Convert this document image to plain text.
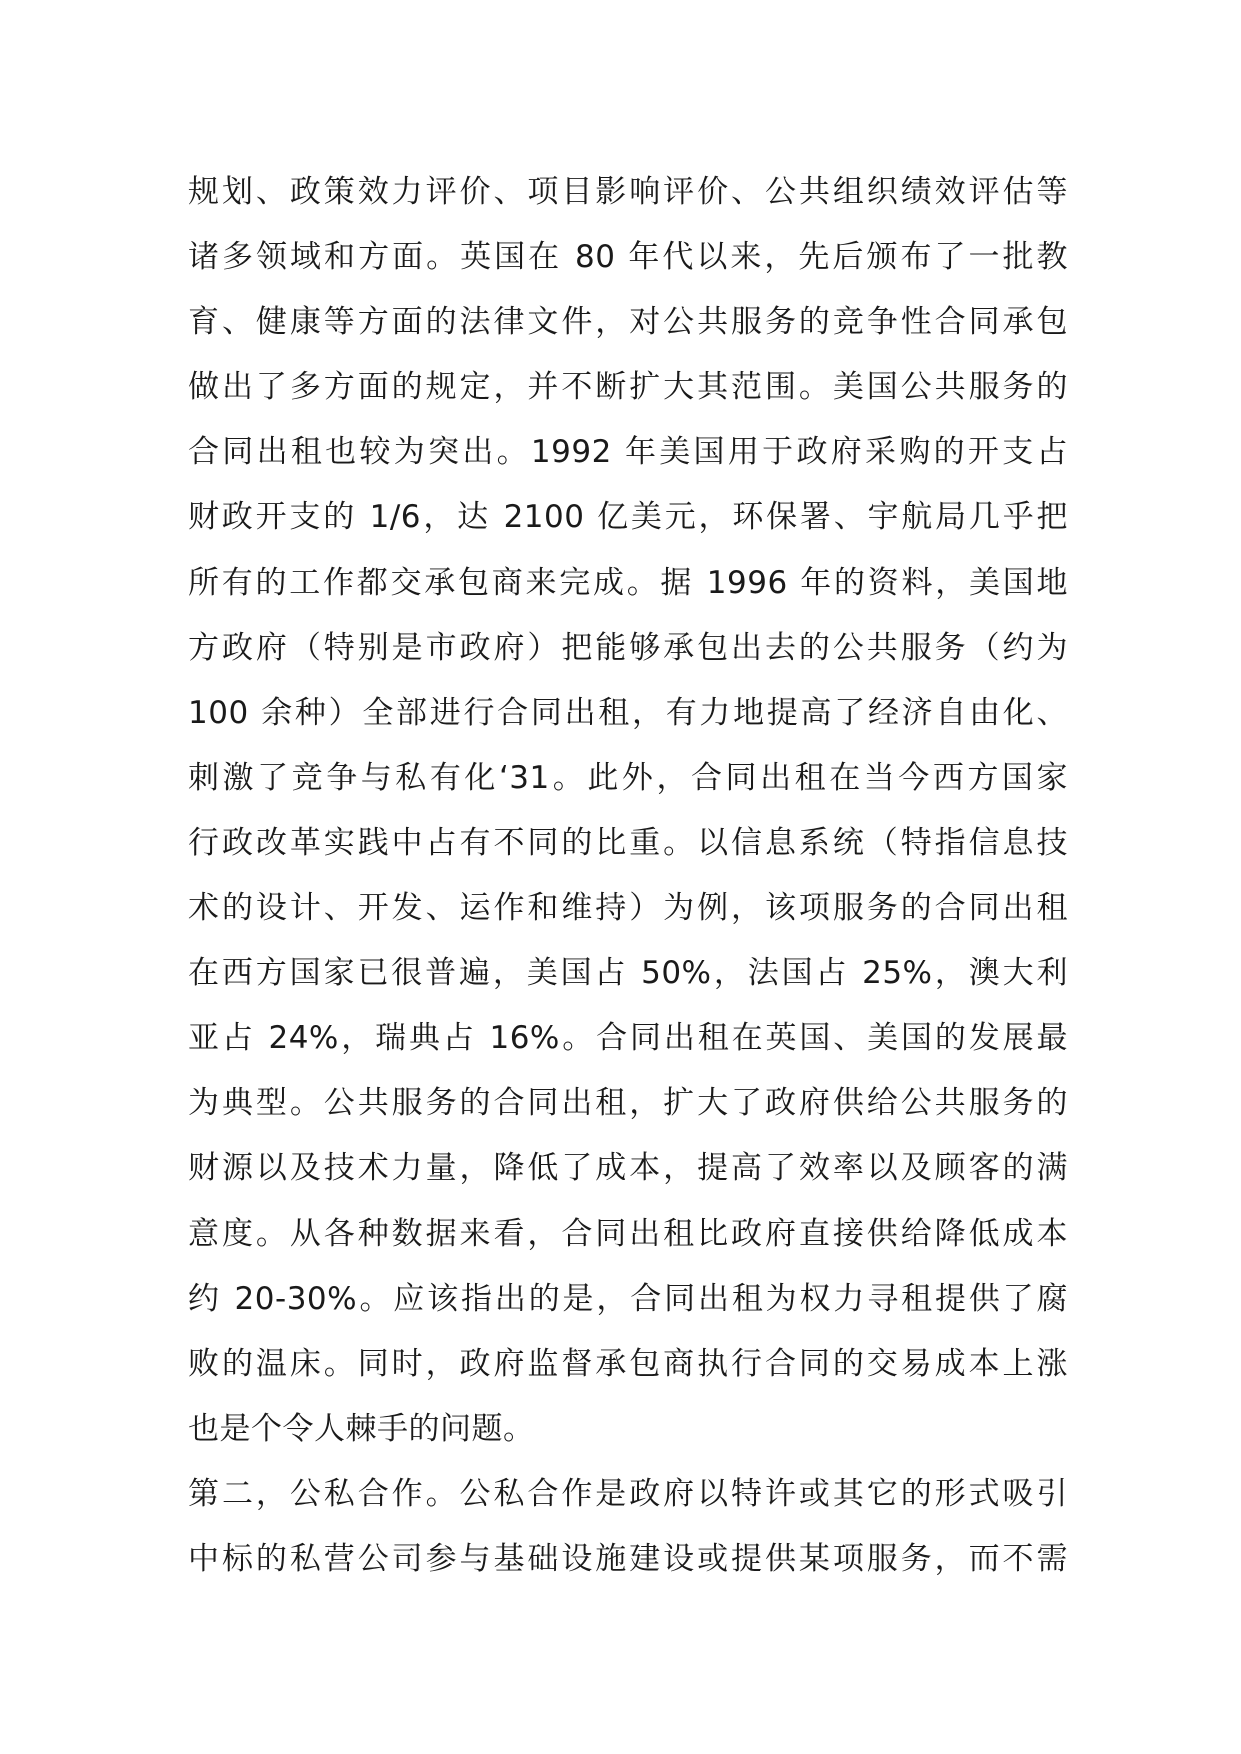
规划、政策效力评价、项目影响评价、公共组织绩效评估等
诸多领域和方面。英国在 80 年代以来，先后颁布了一批教
育、健康等方面的法律文件，对公共服务的竞争性合同承包
做出了多方面的规定，并不断扩大其范围。美国公共服务的
合同出租也较为突出。1992 年美国用于政府采购的开支占
财政开支的 1/6，达 2100 亿美元，环保署、宇航局几乎把
所有的工作都交承包商来完成。据 1996 年的资料，美国地
方政府（特别是市政府）把能够承包出去的公共服务（约为
100 余种）全部进行合同出租，有力地提高了经济自由化、
刺激了竞争与私有化‘31。此外，合同出租在当今西方国家
行政改革实践中占有不同的比重。以信息系统（特指信息技
术的设计、开发、运作和维持）为例，该项服务的合同出租
在西方国家已很普遍，美国占 50%，法国占 25%，澳大利
亚占 24%，瑞典占 16%。合同出租在英国、美国的发展最
为典型。公共服务的合同出租，扩大了政府供给公共服务的
财源以及技术力量，降低了成本，提高了效率以及顾客的满
意度。从各种数据来看，合同出租比政府直接供给降低成本
约 20-30%。应该指出的是，合同出租为权力寻租提供了腐
败的温床。同时，政府监督承包商执行合同的交易成本上涨
也是个令人棘手的问题。
第二，公私合作。公私合作是政府以特许或其它的形式吸引
中标的私营公司参与基础设施建设或提供某项服务，而不需
